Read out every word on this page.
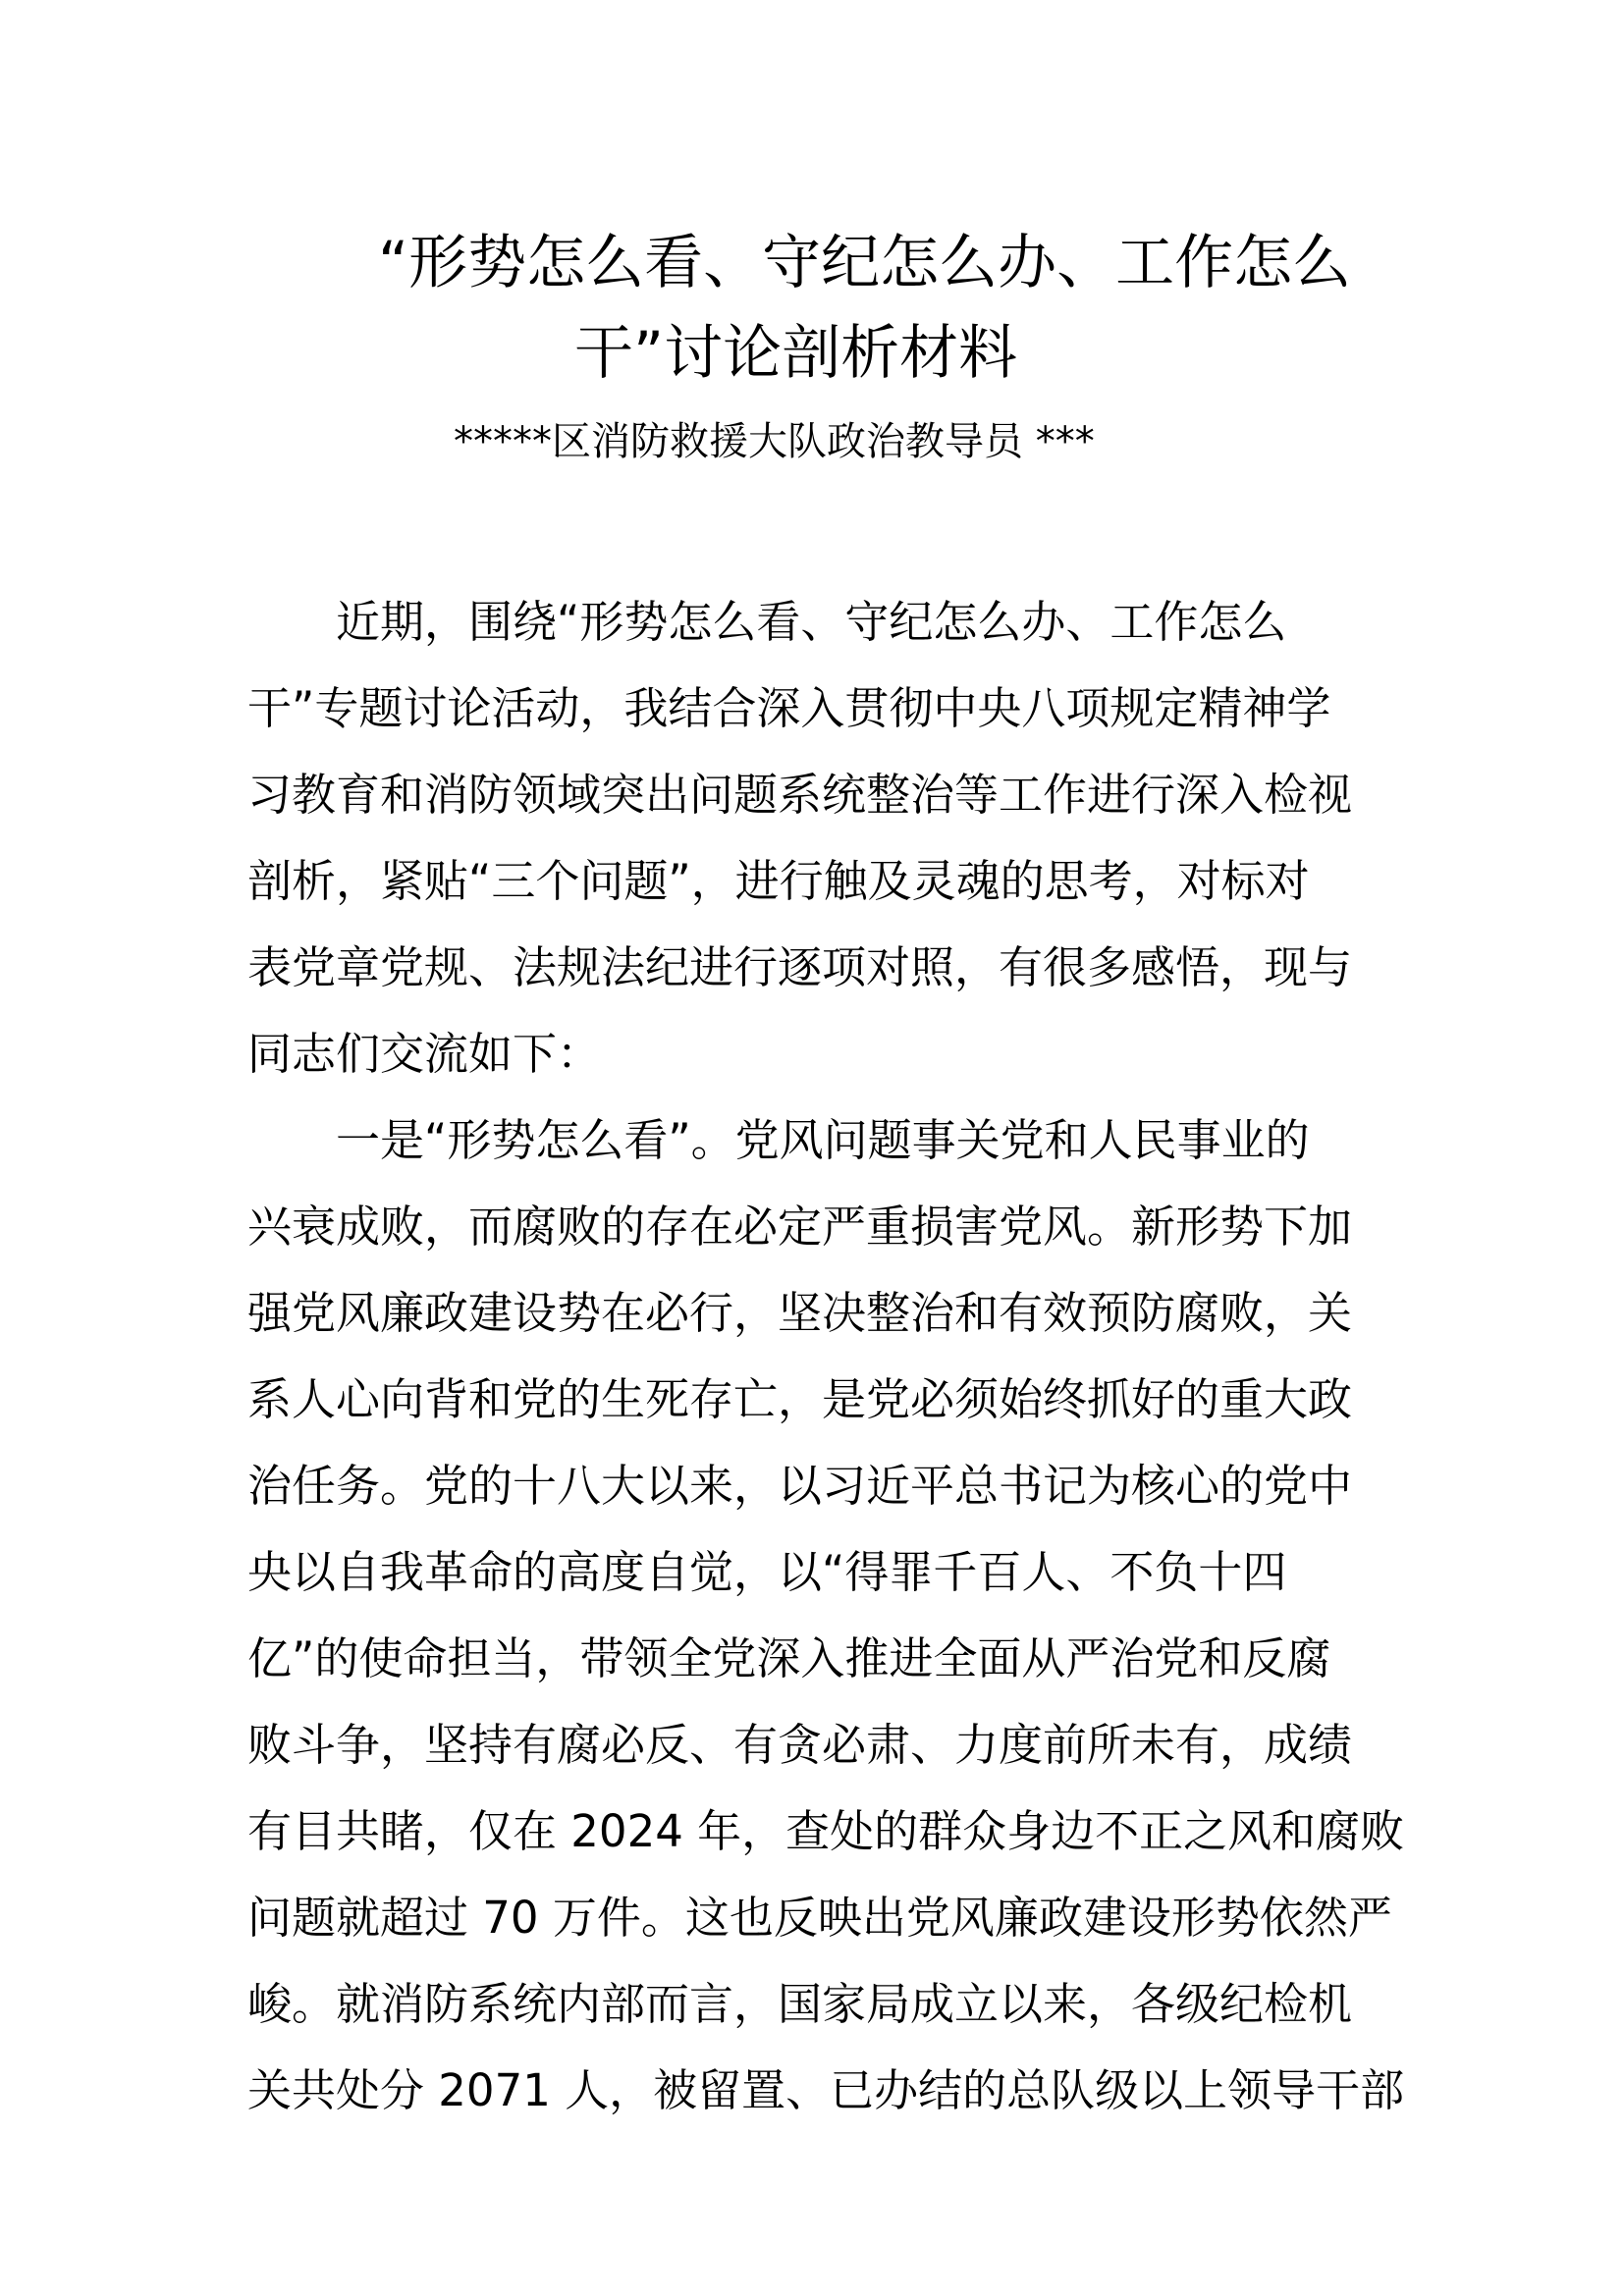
“形势怎么看、守纪怎么办、工作怎么
干”讨论剖析材料
*****区消防救援大队政治教导员 ***
近期，围绕“形势怎么看、守纪怎么办、工作怎么
干”专题讨论活动，我结合深入贯彻中央八项规定精神学
习教育和消防领域突出问题系统整治等工作进行深入检视
剖析，紧贴“三个问题”，进行触及灵魂的思考，对标对
表党章党规、法规法纪进行逐项对照，有很多感悟，现与
同志们交流如下：
一是“形势怎么看”。党风问题事关党和人民事业的
兴衰成败，而腐败的存在必定严重损害党风。新形势下加
强党风廉政建设势在必行，坚决整治和有效预防腐败，关
系人心向背和党的生死存亡，是党必须始终抓好的重大政
治任务。党的十八大以来，以习近平总书记为核心的党中
央以自我革命的高度自觉，以“得罪千百人、不负十四
亿”的使命担当，带领全党深入推进全面从严治党和反腐
败斗争，坚持有腐必反、有贪必肃、力度前所未有，成绩
有目共睹，仅在 2024 年，查处的群众身边不正之风和腐败
问题就超过 70 万件。这也反映出党风廉政建设形势依然严
峻。就消防系统内部而言，国家局成立以来，各级纪检机
关共处分 2071 人，被留置、已办结的总队级以上领导干部
